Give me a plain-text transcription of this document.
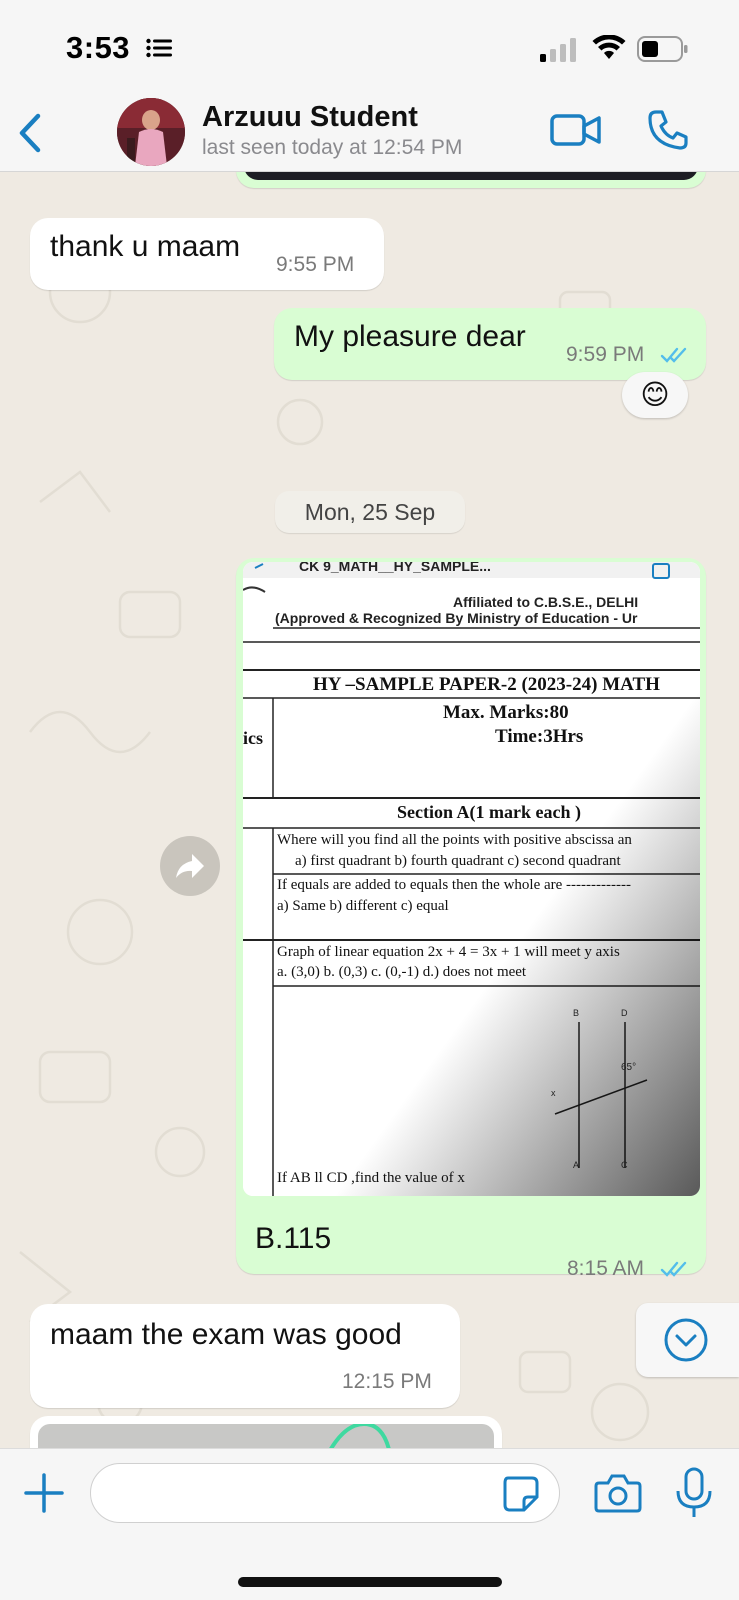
3:53
Arzuuu Student
last seen today at 12:54 PM
thank u maam
9:55 PM
My pleasure dear
9:59 PM
😊
Mon, 25 Sep
CK 9_MATH__HY_SAMPLE...
Affiliated to C.B.S.E., DELHI
(Approved & Recognized By Ministry of Education - Ur
HY –SAMPLE PAPER-2 (2023-24) MATH
ics
Max. Marks:80
Time:3Hrs
Section A(1 mark each )
Where will you find all the points with positive abscissa an
a) first quadrant b) fourth quadrant c) second quadrant
If equals are added to equals then the whole are -------------
a) Same b) different c) equal
Graph of linear equation 2x + 4 = 3x + 1 will meet y axis
a. (3,0) b. (0,3) c. (0,-1) d.) does not meet
B	D
65°
x
A	C
If AB ll CD ,find the value of x
B.115
8:15 AM
maam the exam was good
12:15 PM
